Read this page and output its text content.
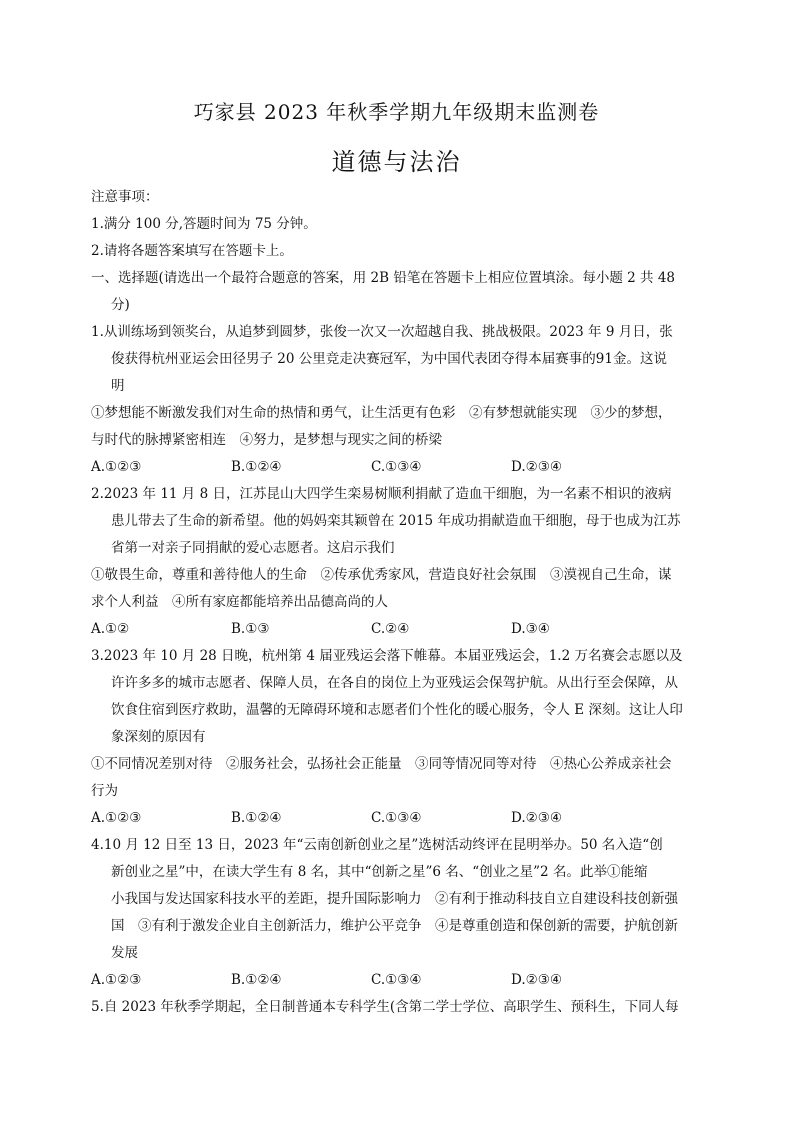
巧家县 2023 年秋季学期九年级期末监测卷
道德与法治
注意事项：
1.满分 100 分,答题时间为 75 分钟。
2.请将各题答案填写在答题卡上。
一、选择题(请选出一个最符合题意的答案，用 2B 铅笔在答题卡上相应位置填涂。每小题 2 共 48
分)
1.从训练场到领奖台，从追梦到圆梦，张俊一次又一次超越自我、挑战极限。2023 年 9 月日，张
俊获得杭州亚运会田径男子 20 公里竞走决赛冠军，为中国代表团夺得本届赛事的91金。这说
明
①梦想能不断激发我们对生命的热情和勇气，让生活更有色彩　②有梦想就能实现　③少的梦想，
与时代的脉搏紧密相连　④努力，是梦想与现实之间的桥梁
A.①②③	B.①②④	C.①③④	D.②③④
2.2023 年 11 月 8 日，江苏昆山大四学生栾易树顺利捐献了造血干细胞，为一名素不相识的液病
患儿带去了生命的新希望。他的妈妈栾其颖曾在 2015 年成功捐献造血干细胞，母于也成为江苏
省第一对亲子同捐献的爱心志愿者。这启示我们
①敬畏生命，尊重和善待他人的生命　②传承优秀家风，营造良好社会氛围　③漠视自己生命，谋
求个人利益　④所有家庭都能培养出品德高尚的人
A.①②	B.①③	C.②④	D.③④
3.2023 年 10 月 28 日晚，杭州第 4 届亚残运会落下帷幕。本届亚残运会，1.2 万名赛会志愿以及
许许多多的城市志愿者、保障人员，在各自的岗位上为亚残运会保驾护航。从出行至会保障，从
饮食住宿到医疗救助，温馨的无障碍环境和志愿者们个性化的暖心服务，令人 E 深刻。这让人印
象深刻的原因有
①不同情况差别对待　②服务社会，弘扬社会正能量　③同等情况同等对待　④热心公养成亲社会
行为
A.①②③	B.①②④	C.①③④	D.②③④
4.10 月 12 日至 13 日，2023 年“云南创新创业之星”选树活动终评在昆明举办。50 名入造“创
新创业之星”中，在读大学生有 8 名，其中“创新之星”6 名、“创业之星”2 名。此举①能缩
小我国与发达国家科技水平的差距，提升国际影响力　②有利于推动科技自立自建设科技创新强
国　③有利于激发企业自主创新活力，维护公平竞争　④是尊重创造和保创新的需要，护航创新
发展
A.①②③	B.①②④	C.①③④	D.②③④
5.自 2023 年秋季学期起，全日制普通本专科学生(含第二学士学位、高职学生、预科生，下同人每
